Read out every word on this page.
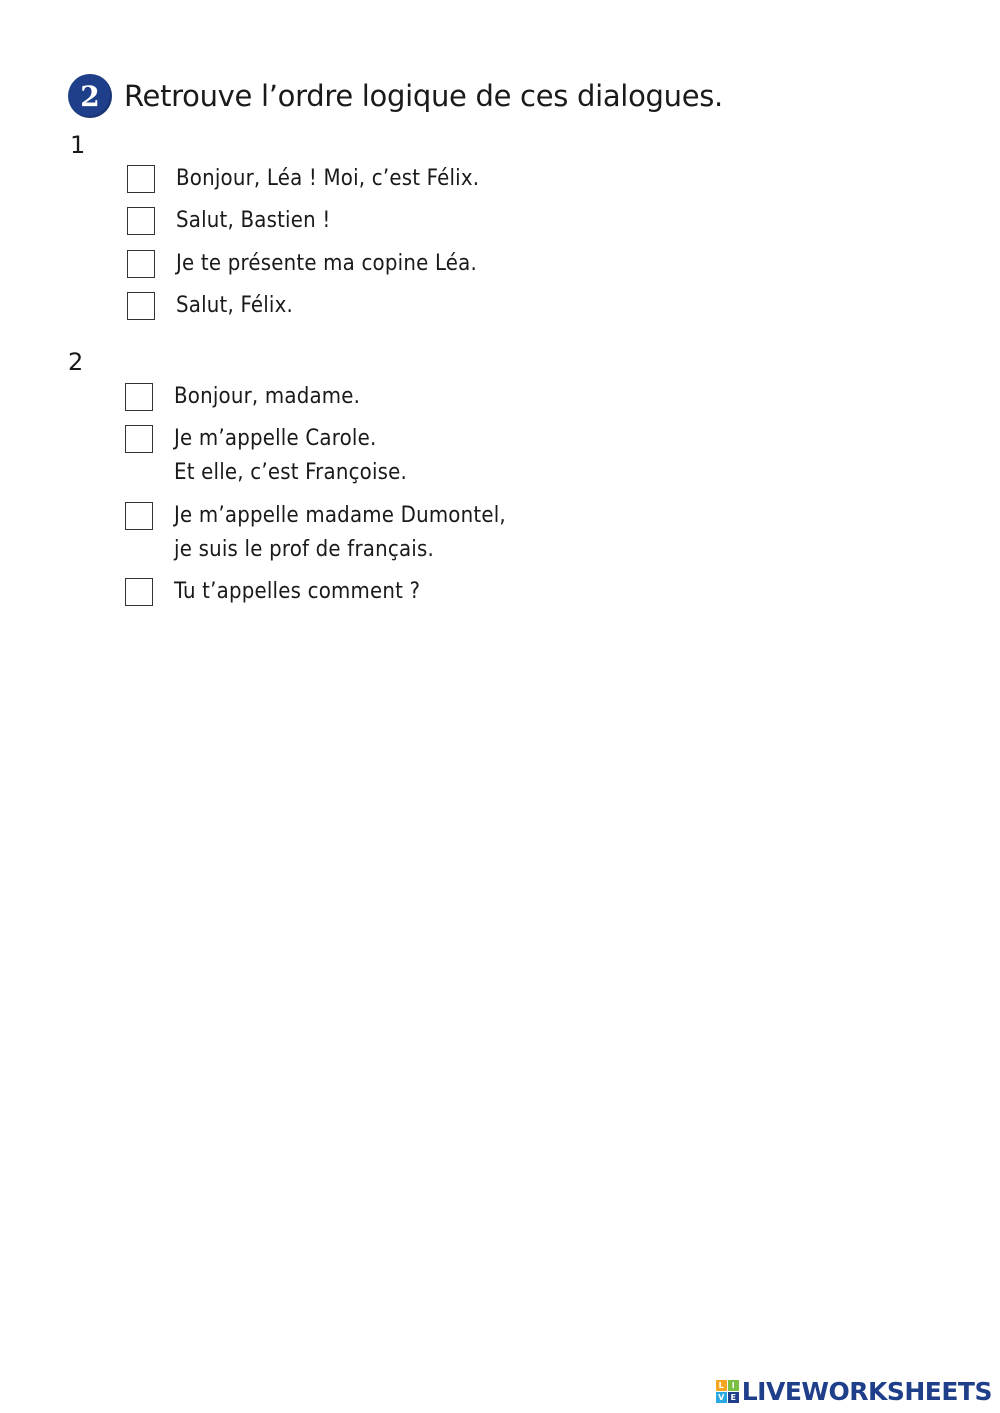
2 Retrouve l’ordre logique de ces dialogues.
1
Bonjour, Léa ! Moi, c’est Félix.
Salut, Bastien !
Je te présente ma copine Léa.
Salut, Félix.
2
Bonjour, madame.
Je m’appelle Carole.
Et elle, c’est Françoise.
Je m’appelle madame Dumontel,
je suis le prof de français.
Tu t’appelles comment ?
L I
V E LIVEWORKSHEETS
